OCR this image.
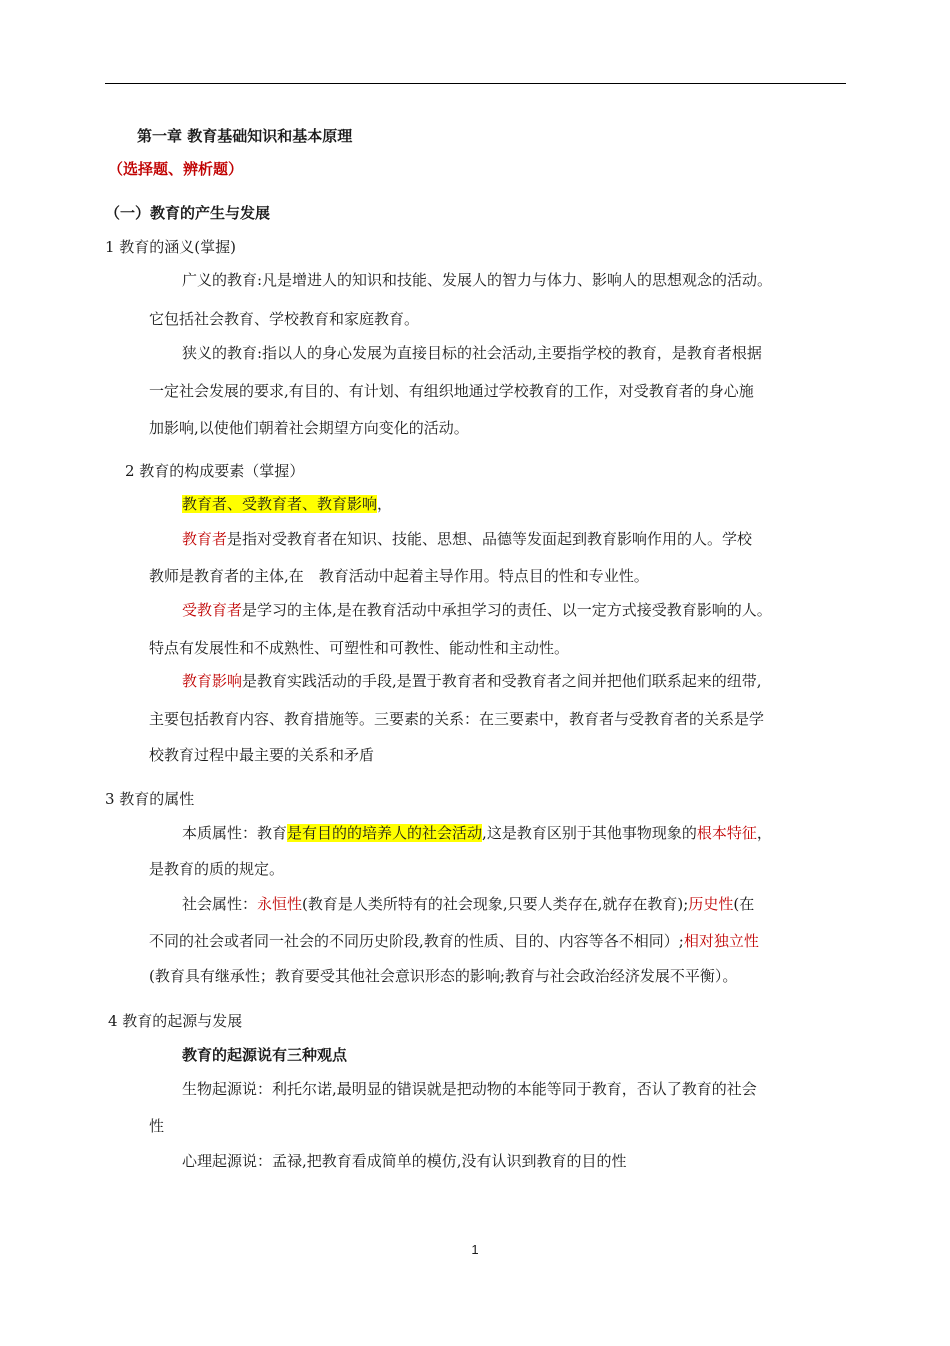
第一章 教育基础知识和基本原理
（选择题、辨析题）
（一）教育的产生与发展
1 教育的涵义(掌握)
广义的教育:凡是增进人的知识和技能、发展人的智力与体力、影响人的思想观念的活动。
它包括社会教育、学校教育和家庭教育。
狭义的教育:指以人的身心发展为直接目标的社会活动,主要指学校的教育，是教育者根据
一定社会发展的要求,有目的、有计划、有组织地通过学校教育的工作，对受教育者的身心施
加影响,以使他们朝着社会期望方向变化的活动。
2 教育的构成要素（掌握）
教育者、受教育者、教育影响，
教育者是指对受教育者在知识、技能、思想、品德等发面起到教育影响作用的人。学校
教师是教育者的主体,在　教育活动中起着主导作用。特点目的性和专业性。
受教育者是学习的主体,是在教育活动中承担学习的责任、以一定方式接受教育影响的人。
特点有发展性和不成熟性、可塑性和可教性、能动性和主动性。
教育影响是教育实践活动的手段,是置于教育者和受教育者之间并把他们联系起来的纽带,
主要包括教育内容、教育措施等。三要素的关系：在三要素中，教育者与受教育者的关系是学
校教育过程中最主要的关系和矛盾
3 教育的属性
本质属性：教育是有目的的培养人的社会活动,这是教育区别于其他事物现象的根本特征，
是教育的质的规定。
社会属性：永恒性(教育是人类所特有的社会现象,只要人类存在,就存在教育);历史性(在
不同的社会或者同一社会的不同历史阶段,教育的性质、目的、内容等各不相同）;相对独立性
(教育具有继承性；教育要受其他社会意识形态的影响;教育与社会政治经济发展不平衡）。
4 教育的起源与发展
教育的起源说有三种观点
生物起源说：利托尔诺,最明显的错误就是把动物的本能等同于教育，否认了教育的社会
性
心理起源说：孟禄,把教育看成简单的模仿,没有认识到教育的目的性
1
